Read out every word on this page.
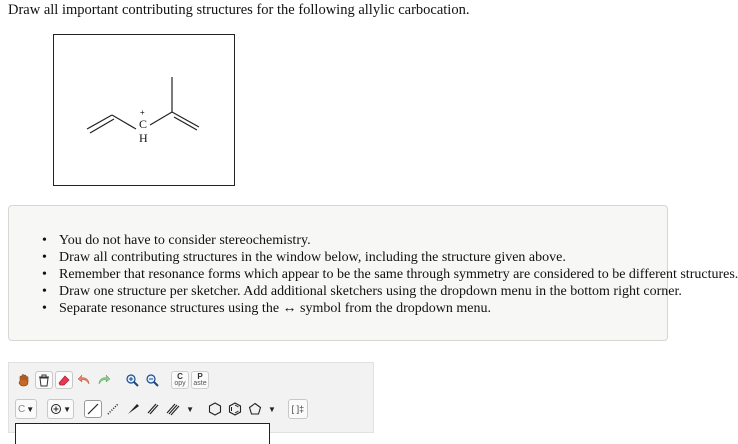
Draw all important contributing structures for the following allylic carbocation.
+
C
H
• You do not have to consider stereochemistry.
• Draw all contributing structures in the window below, including the structure given above.
• Remember that resonance forms which appear to be the same through symmetry are considered to be different structures.
• Draw one structure per sketcher. Add additional sketchers using the dropdown menu in the bottom right corner.
• Separate resonance structures using the ↔ symbol from the dropdown menu.
C
opy
P
aste
C ▼	▼	▼	▼	[ ]‡
